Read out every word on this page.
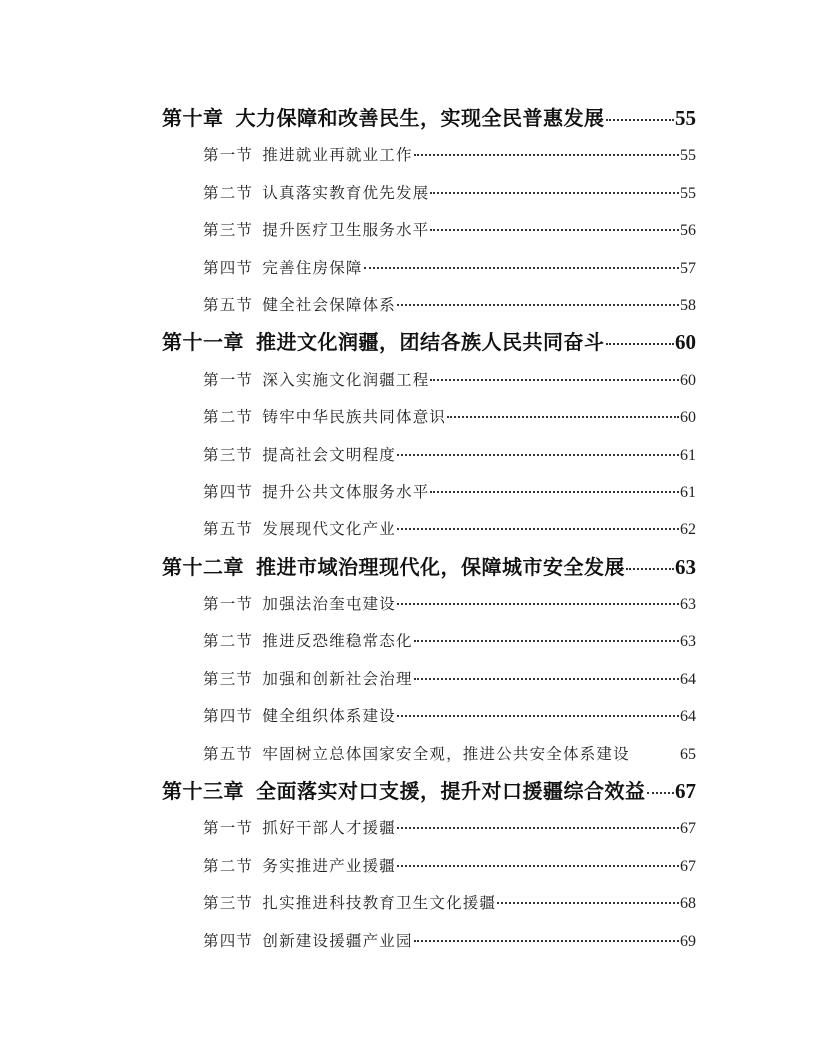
第十章 大力保障和改善民生，实现全民普惠发展	55
第一节 推进就业再就业工作	55
第二节 认真落实教育优先发展	55
第三节 提升医疗卫生服务水平	56
第四节 完善住房保障	57
第五节 健全社会保障体系	58
第十一章 推进文化润疆，团结各族人民共同奋斗	60
第一节 深入实施文化润疆工程	60
第二节 铸牢中华民族共同体意识	60
第三节 提高社会文明程度	61
第四节 提升公共文体服务水平	61
第五节 发展现代文化产业	62
第十二章 推进市域治理现代化，保障城市安全发展 63
第一节 加强法治奎屯建设	63
第二节 推进反恐维稳常态化	63
第三节 加强和创新社会治理	64
第四节 健全组织体系建设	64
第五节 牢固树立总体国家安全观，推进公共安全体系建设	65
第十三章 全面落实对口支援，提升对口援疆综合效益 67
第一节 抓好干部人才援疆	67
第二节 务实推进产业援疆	67
第三节 扎实推进科技教育卫生文化援疆	68
第四节 创新建设援疆产业园	69
